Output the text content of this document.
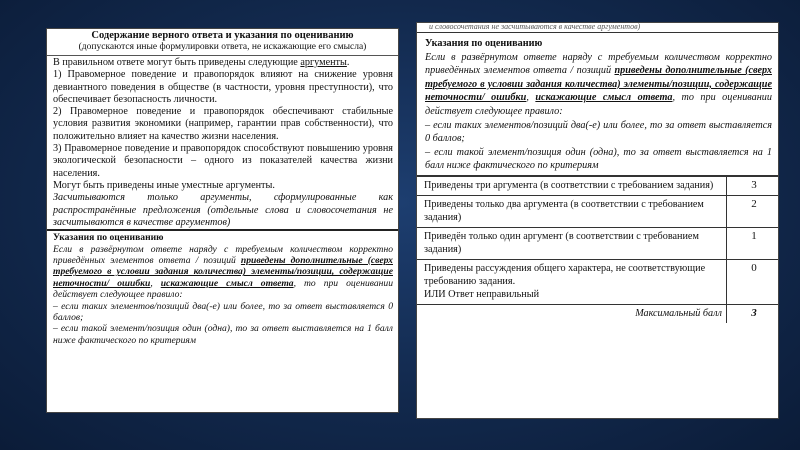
Содержание верного ответа и указания по оцениванию
(допускаются иные формулировки ответа, не искажающие его смысла)

В правильном ответе могут быть приведены следующие аргументы.

1) Правомерное поведение и правопорядок влияют на снижение уровня девиантного поведения в обществе (в частности, уровня преступности), что обеспечивает безопасность личности.

2) Правомерное поведение и правопорядок обеспечивают стабильные условия развития экономики (например, гарантии прав собственности), что положительно влияет на качество жизни населения.

3) Правомерное поведение и правопорядок способствуют повышению уровня экологической безопасности – одного из показателей качества жизни населения.

Могут быть приведены иные уместные аргументы.

Засчитываются только аргументы, сформулированные как распространённые предложения (отдельные слова и словосочетания не засчитываются в качестве аргументов)

Указания по оцениванию

Если в развёрнутом ответе наряду с требуемым количеством корректно приведённых элементов ответа / позиций приведены дополнительные (сверх требуемого в условии задания количества) элементы/позиции, содержащие неточности/ ошибки, искажающие смысл ответа, то при оценивании действует следующее правило:

– если таких элементов/позиций два(-е) или более, то за ответ выставляется 0 баллов;

– если такой элемент/позиция один (одна), то за ответ выставляется на 1 балл ниже фактического по критериям

и словосочетания не засчитываются в качестве аргументов)

Указания по оцениванию

Если в развёрнутом ответе наряду с требуемым количеством корректно приведённых элементов ответа / позиций приведены дополнительные (сверх требуемого в условии задания количества) элементы/позиции, содержащие неточности/ ошибки, искажающие смысл ответа, то при оценивании действует следующее правило:

– если таких элементов/позиций два(-е) или более, то за ответ выставляется 0 баллов;

– если такой элемент/позиция один (одна), то за ответ выставляется на 1 балл ниже фактического по критериям

Приведены три аргумента (в соответствии с требованием задания)	3
Приведены только два аргумента (в соответствии с требованием задания)	2
Приведён только один аргумент (в соответствии с требованием задания)	1

Приведены рассуждения общего характера, не соответствующие требованию задания.
ИЛИ Ответ неправильный	0
Максимальный балл	3
